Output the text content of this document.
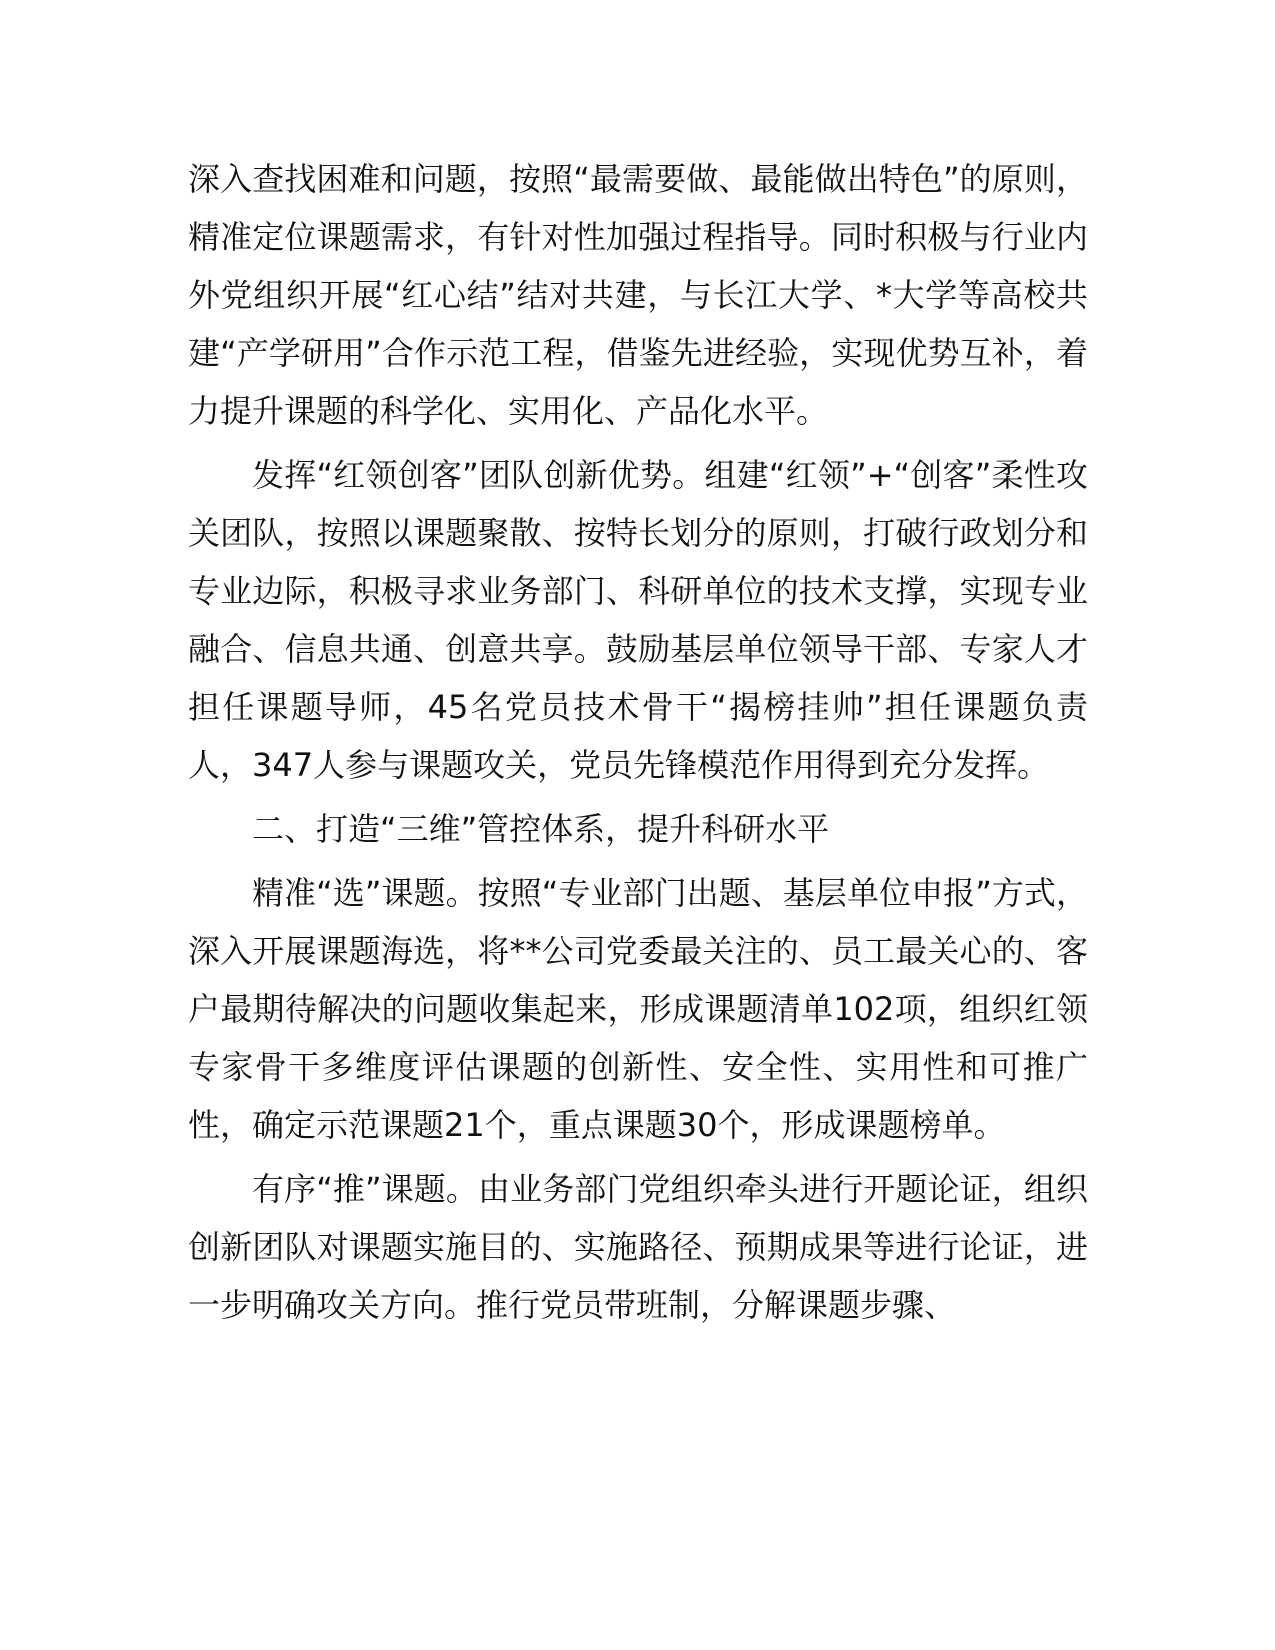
深入查找困难和问题，按照“最需要做、最能做出特色”的原则，精准定位课题需求，有针对性加强过程指导。同时积极与行业内外党组织开展“红心结”结对共建，与长江大学、*大学等高校共建“产学研用”合作示范工程，借鉴先进经验，实现优势互补，着力提升课题的科学化、实用化、产品化水平。

发挥“红领创客”团队创新优势。组建“红领”+“创客”柔性攻关团队，按照以课题聚散、按特长划分的原则，打破行政划分和专业边际，积极寻求业务部门、科研单位的技术支撑，实现专业融合、信息共通、创意共享。鼓励基层单位领导干部、专家人才担任课题导师，45名党员技术骨干“揭榜挂帅”担任课题负责人，347人参与课题攻关，党员先锋模范作用得到充分发挥。

二、打造“三维”管控体系，提升科研水平

精准“选”课题。按照“专业部门出题、基层单位申报”方式，深入开展课题海选，将**公司党委最关注的、员工最关心的、客户最期待解决的问题收集起来，形成课题清单102项，组织红领专家骨干多维度评估课题的创新性、安全性、实用性和可推广性，确定示范课题21个，重点课题30个，形成课题榜单。

有序“推”课题。由业务部门党组织牵头进行开题论证，组织创新团队对课题实施目的、实施路径、预期成果等进行论证，进一步明确攻关方向。推行党员带班制，分解课题步骤、
